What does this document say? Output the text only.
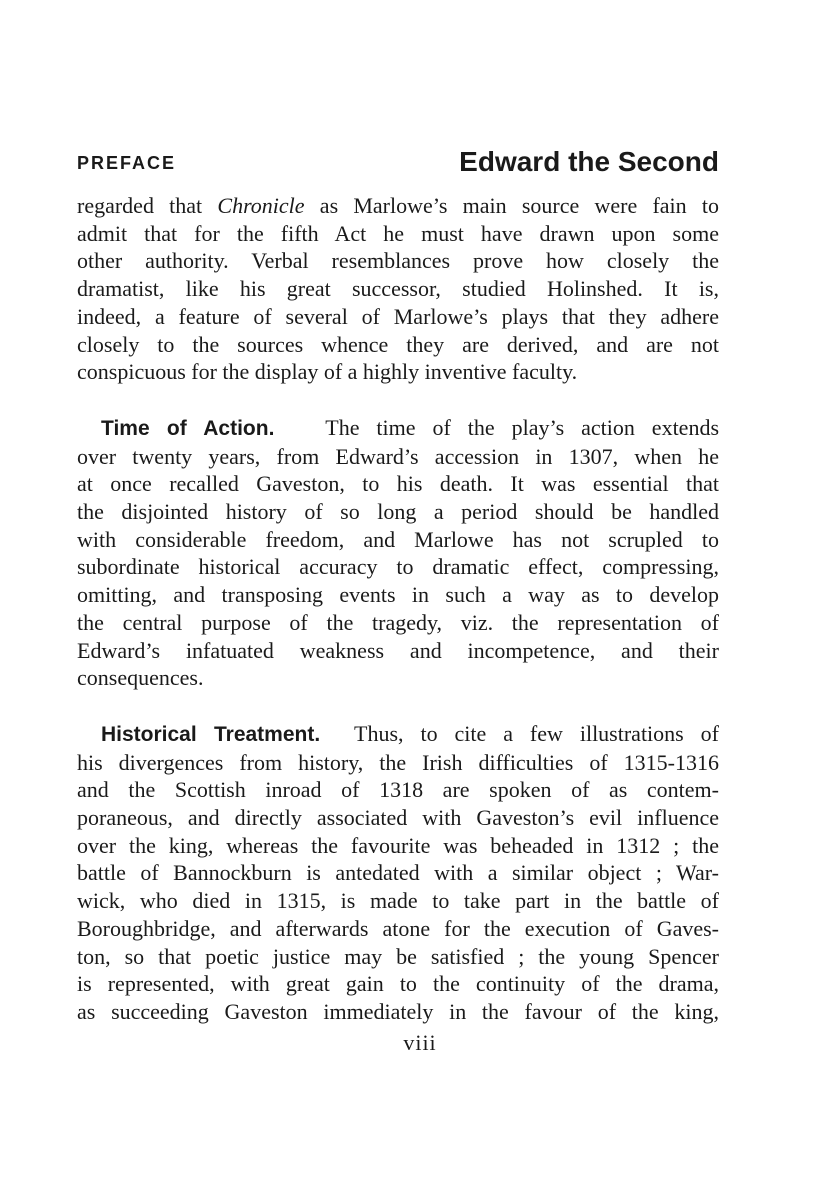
PREFACE	Edward the Second
regarded that Chronicle as Marlowe’s main source were fain to
admit that for the fifth Act he must have drawn upon some
other authority. Verbal resemblances prove how closely the
dramatist, like his great successor, studied Holinshed. It is,
indeed, a feature of several of Marlowe’s plays that they adhere
closely to the sources whence they are derived, and are not
conspicuous for the display of a highly inventive faculty.
Time of Action. The time of the play’s action extends
over twenty years, from Edward’s accession in 1307, when he
at once recalled Gaveston, to his death. It was essential that
the disjointed history of so long a period should be handled
with considerable freedom, and Marlowe has not scrupled to
subordinate historical accuracy to dramatic effect, compressing,
omitting, and transposing events in such a way as to develop
the central purpose of the tragedy, viz. the representation of
Edward’s infatuated weakness and incompetence, and their
consequences.
Historical Treatment. Thus, to cite a few illustrations of
his divergences from history, the Irish difficulties of 1315-1316
and the Scottish inroad of 1318 are spoken of as contem-
poraneous, and directly associated with Gaveston’s evil influence
over the king, whereas the favourite was beheaded in 1312 ; the
battle of Bannockburn is antedated with a similar object ; War-
wick, who died in 1315, is made to take part in the battle of
Boroughbridge, and afterwards atone for the execution of Gaves-
ton, so that poetic justice may be satisfied ; the young Spencer
is represented, with great gain to the continuity of the drama,
as succeeding Gaveston immediately in the favour of the king,
viii
